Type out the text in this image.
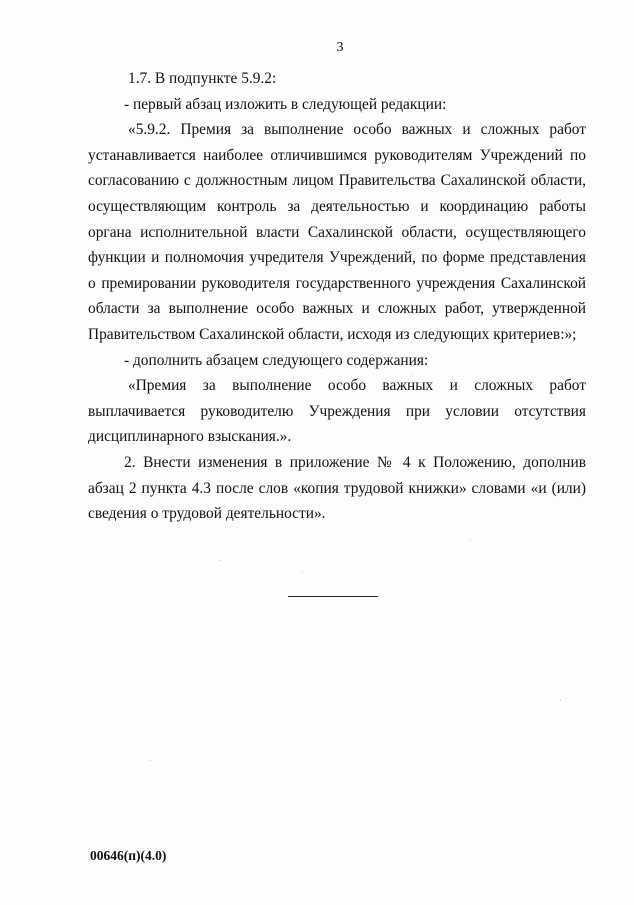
3

1.7. В подпункте 5.9.2:

- первый абзац изложить в следующей редакции:

«5.9.2. Премия за выполнение особо важных и сложных работ устанавливается наиболее отличившимся руководителям Учреждений по согласованию с должностным лицом Правительства Сахалинской области, осуществляющим контроль за деятельностью и координацию работы органа исполнительной власти Сахалинской области, осуществляющего функции и полномочия учредителя Учреждений, по форме представления о премировании руководителя государственного учреждения Сахалинской области за выполнение особо важных и сложных работ, утвержденной Правительством Сахалинской области, исходя из следующих критериев:»;

- дополнить абзацем следующего содержания:

«Премия за выполнение особо важных и сложных работ выплачивается руководителю Учреждения при условии отсутствия дисциплинарного взыскания.».

2. Внести изменения в приложение № 4 к Положению, дополнив абзац 2 пункта 4.3 после слов «копия трудовой книжки» словами «и (или) сведения о трудовой деятельности».

00646(п)(4.0)
